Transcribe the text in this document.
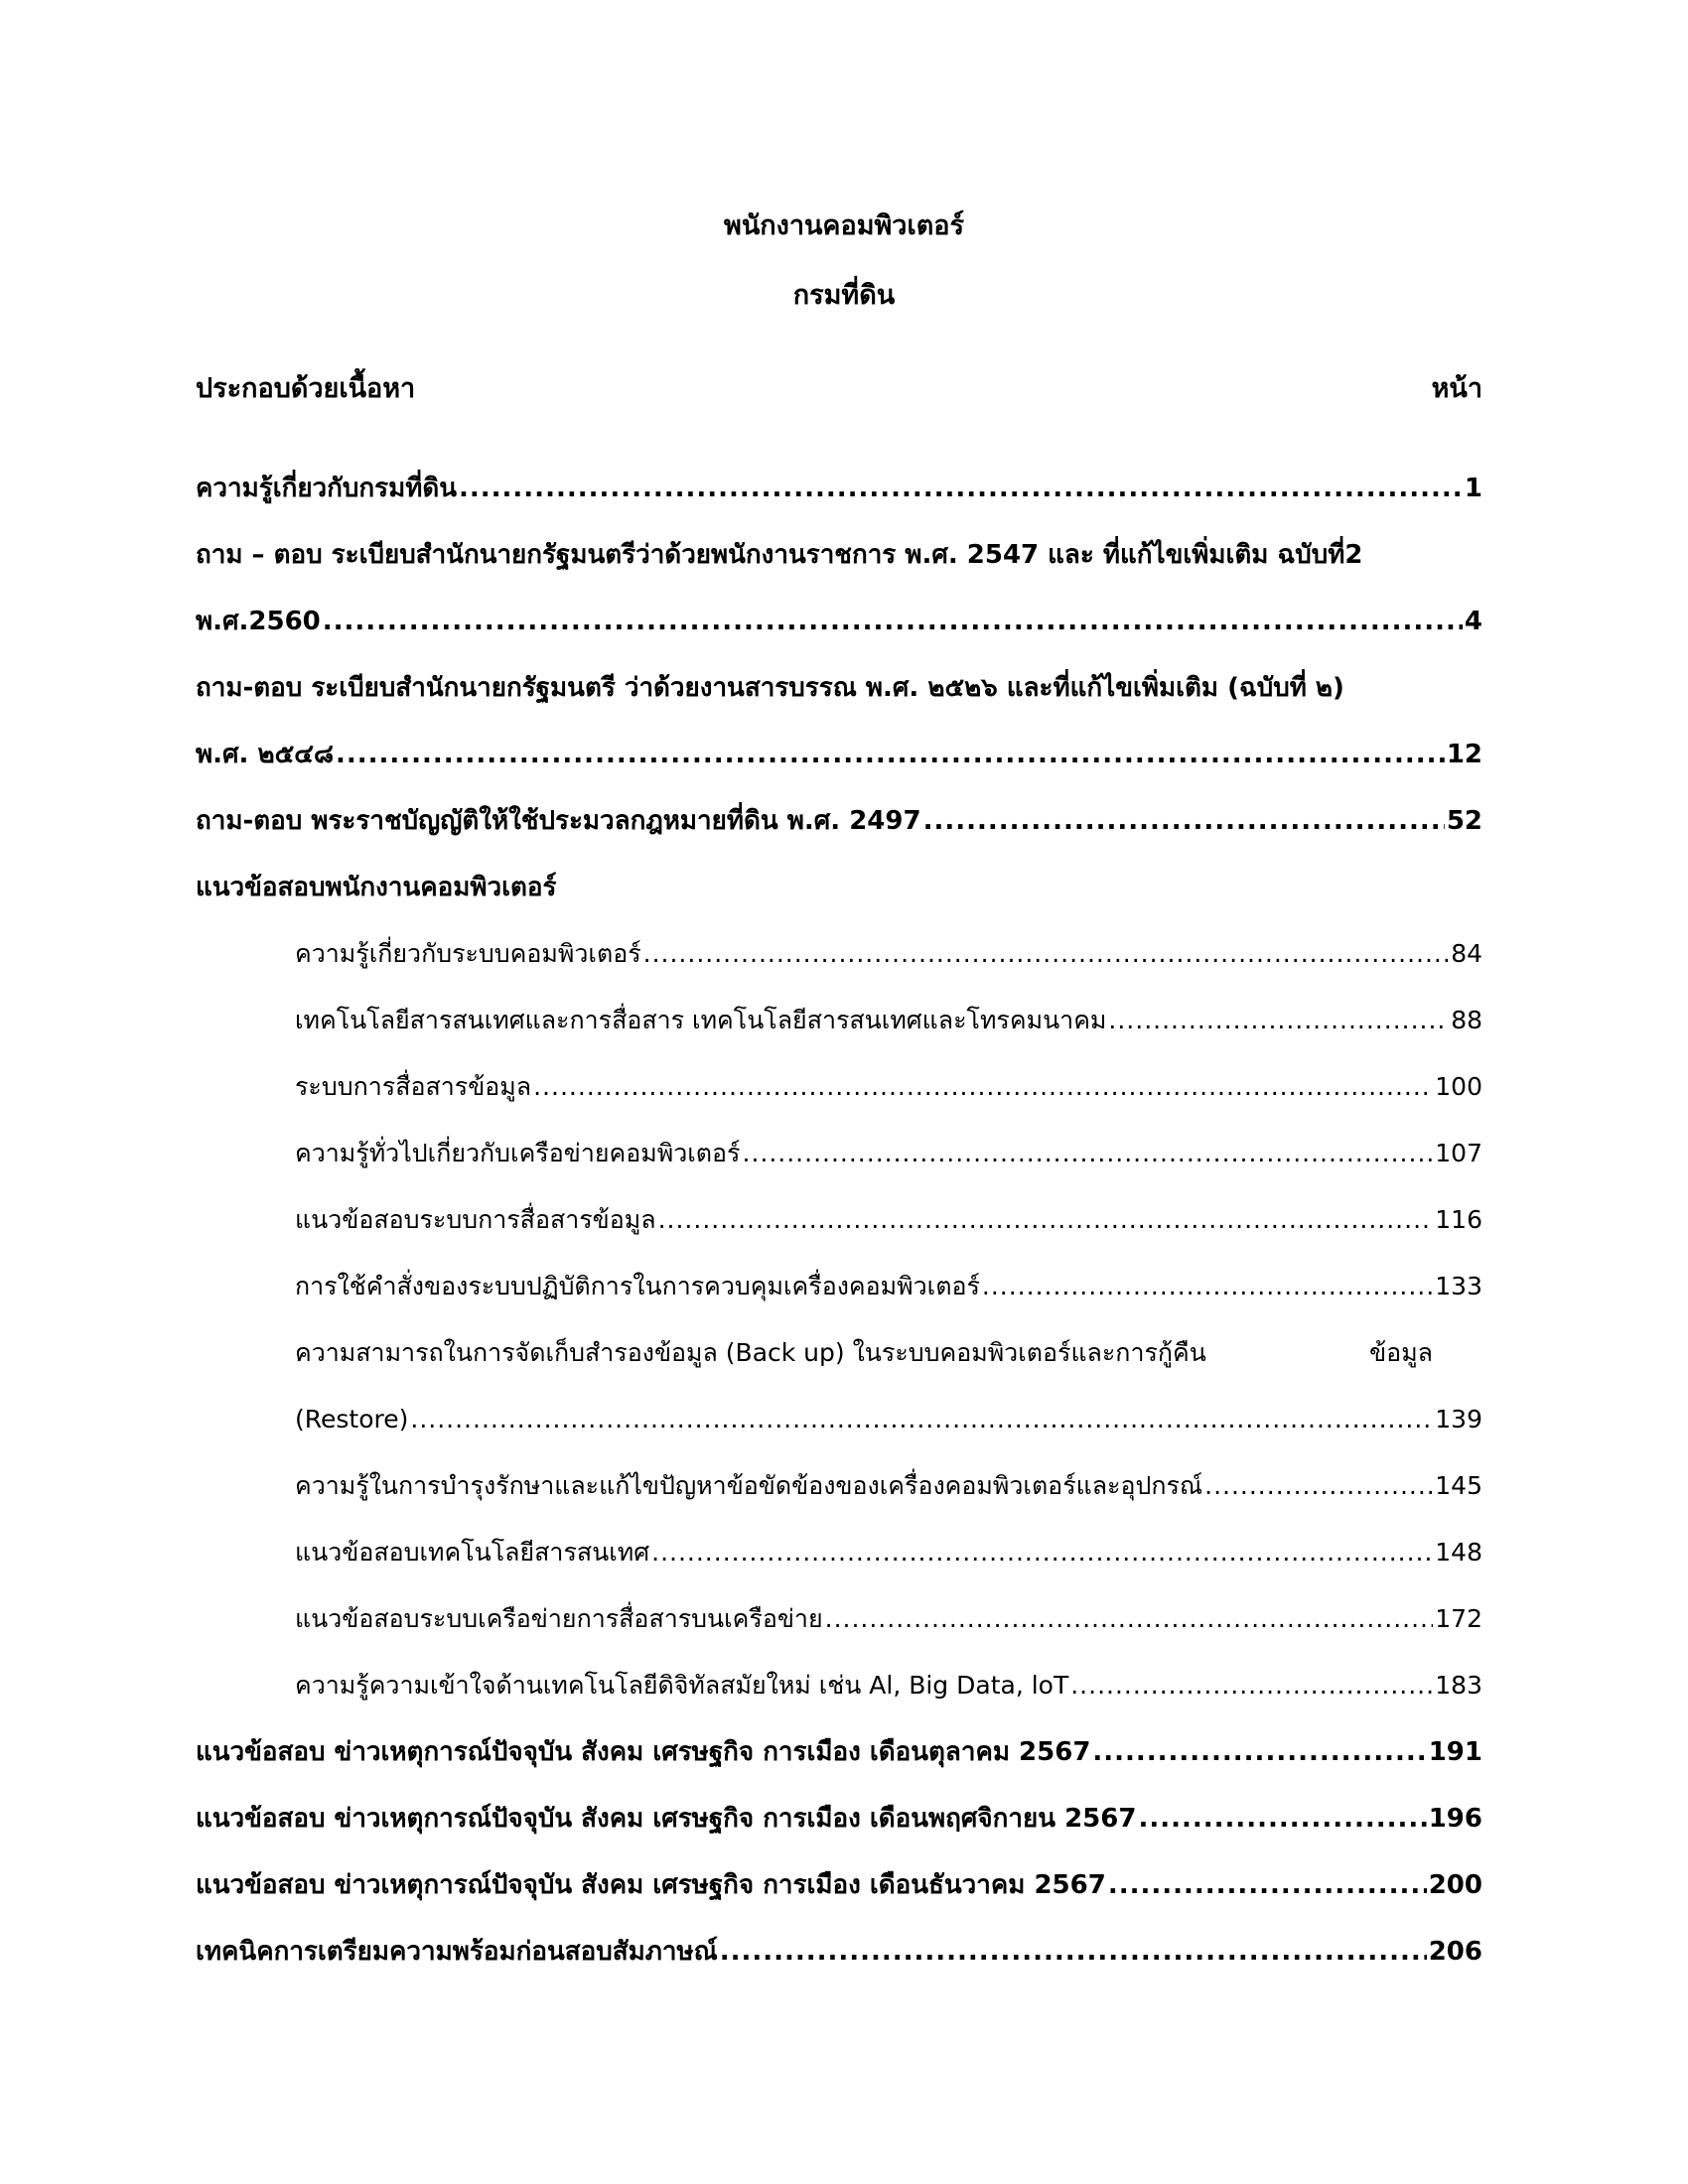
พนักงานคอมพิวเตอร์
กรมที่ดิน
ประกอบด้วยเนื้อหา	หน้า
ความรู้เกี่ยวกับกรมที่ดิน .....	1
ถาม – ตอบ ระเบียบสำนักนายกรัฐมนตรีว่าด้วยพนักงานราชการ พ.ศ. 2547 และ ที่แก้ไขเพิ่มเติม ฉบับที่2
พ.ศ.2560 .....	4
ถาม-ตอบ ระเบียบสำนักนายกรัฐมนตรี ว่าด้วยงานสารบรรณ พ.ศ. ๒๕๒๖ และที่แก้ไขเพิ่มเติม (ฉบับที่ ๒)
พ.ศ. ๒๕๔๘ .....	12
ถาม-ตอบ พระราชบัญญัติให้ใช้ประมวลกฎหมายที่ดิน พ.ศ. 2497 .....	52
แนวข้อสอบพนักงานคอมพิวเตอร์
ความรู้เกี่ยวกับระบบคอมพิวเตอร์ .....	84
เทคโนโลยีสารสนเทศและการสื่อสาร เทคโนโลยีสารสนเทศและโทรคมนาคม .....	88
ระบบการสื่อสารข้อมูล .....	100
ความรู้ทั่วไปเกี่ยวกับเครือข่ายคอมพิวเตอร์ .....	107
แนวข้อสอบระบบการสื่อสารข้อมูล .....	116
การใช้คำสั่งของระบบปฏิบัติการในการควบคุมเครื่องคอมพิวเตอร์ .....	133
ความสามารถในการจัดเก็บสำรองข้อมูล (Back up) ในระบบคอมพิวเตอร์และการกู้คืน	ข้อมูล
(Restore) .....	139
ความรู้ในการบำรุงรักษาและแก้ไขปัญหาข้อขัดข้องของเครื่องคอมพิวเตอร์และอุปกรณ์ .....	145
แนวข้อสอบเทคโนโลยีสารสนเทศ .....	148
แนวข้อสอบระบบเครือข่ายการสื่อสารบนเครือข่าย .....	172
ความรู้ความเข้าใจด้านเทคโนโลยีดิจิทัลสมัยใหม่ เช่น Al, Big Data, loT .....	183
แนวข้อสอบ ข่าวเหตุการณ์ปัจจุบัน สังคม เศรษฐกิจ การเมือง เดือนตุลาคม 2567 .....	191
แนวข้อสอบ ข่าวเหตุการณ์ปัจจุบัน สังคม เศรษฐกิจ การเมือง เดือนพฤศจิกายน 2567 .....	196
แนวข้อสอบ ข่าวเหตุการณ์ปัจจุบัน สังคม เศรษฐกิจ การเมือง เดือนธันวาคม 2567 .....	200
เทคนิคการเตรียมความพร้อมก่อนสอบสัมภาษณ์ .....	206
